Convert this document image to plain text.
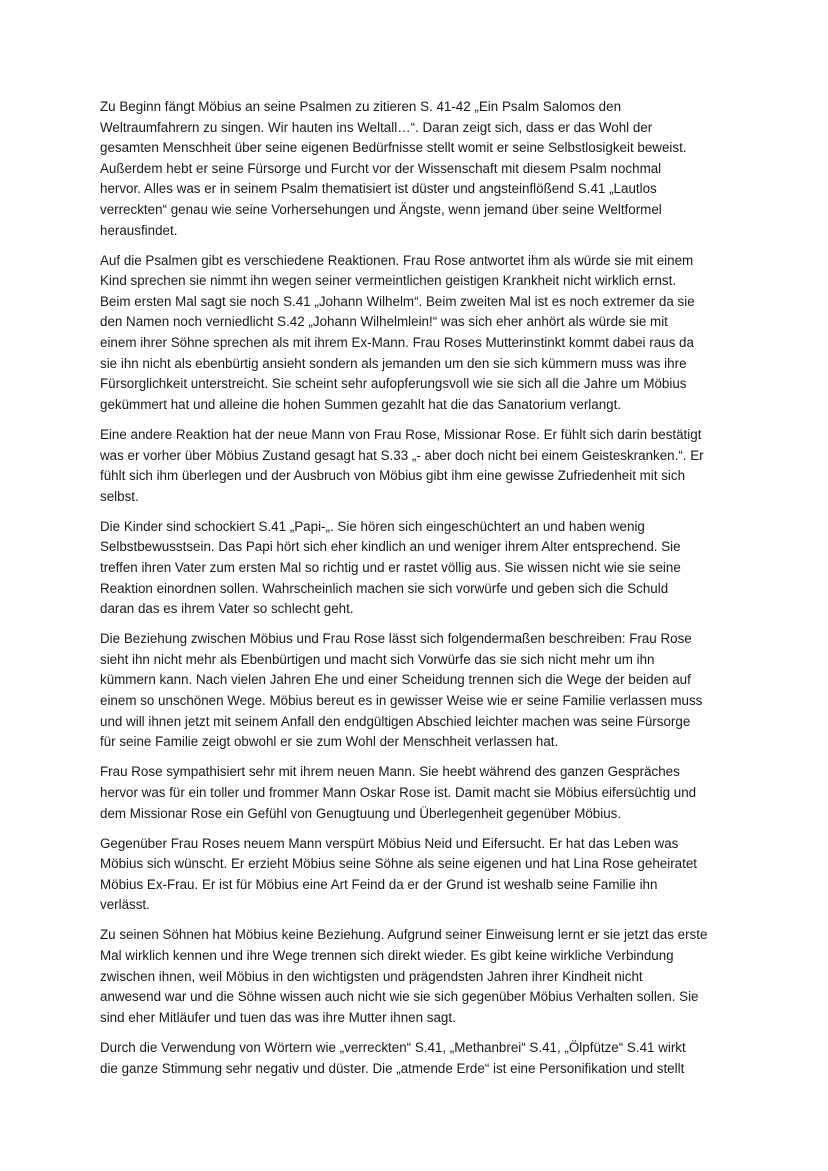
Zu Beginn fängt Möbius an seine Psalmen zu zitieren S. 41-42 „Ein Psalm Salomos den
Weltraumfahrern zu singen. Wir hauten ins Weltall…“. Daran zeigt sich, dass er das Wohl der
gesamten Menschheit über seine eigenen Bedürfnisse stellt womit er seine Selbstlosigkeit beweist.
Außerdem hebt er seine Fürsorge und Furcht vor der Wissenschaft mit diesem Psalm nochmal
hervor. Alles was er in seinem Psalm thematisiert ist düster und angsteinflößend S.41 „Lautlos
verreckten“ genau wie seine Vorhersehungen und Ängste, wenn jemand über seine Weltformel
herausfindet.

Auf die Psalmen gibt es verschiedene Reaktionen. Frau Rose antwortet ihm als würde sie mit einem
Kind sprechen sie nimmt ihn wegen seiner vermeintlichen geistigen Krankheit nicht wirklich ernst.
Beim ersten Mal sagt sie noch S.41 „Johann Wilhelm“. Beim zweiten Mal ist es noch extremer da sie
den Namen noch verniedlicht S.42 „Johann Wilhelmlein!“ was sich eher anhört als würde sie mit
einem ihrer Söhne sprechen als mit ihrem Ex-Mann. Frau Roses Mutterinstinkt kommt dabei raus da
sie ihn nicht als ebenbürtig ansieht sondern als jemanden um den sie sich kümmern muss was ihre
Fürsorglichkeit unterstreicht. Sie scheint sehr aufopferungsvoll wie sie sich all die Jahre um Möbius
gekümmert hat und alleine die hohen Summen gezahlt hat die das Sanatorium verlangt.

Eine andere Reaktion hat der neue Mann von Frau Rose, Missionar Rose. Er fühlt sich darin bestätigt
was er vorher über Möbius Zustand gesagt hat S.33 „- aber doch nicht bei einem Geisteskranken.“. Er
fühlt sich ihm überlegen und der Ausbruch von Möbius gibt ihm eine gewisse Zufriedenheit mit sich
selbst.

Die Kinder sind schockiert S.41 „Papi-„. Sie hören sich eingeschüchtert an und haben wenig
Selbstbewusstsein. Das Papi hört sich eher kindlich an und weniger ihrem Alter entsprechend. Sie
treffen ihren Vater zum ersten Mal so richtig und er rastet völlig aus. Sie wissen nicht wie sie seine
Reaktion einordnen sollen. Wahrscheinlich machen sie sich vorwürfe und geben sich die Schuld
daran das es ihrem Vater so schlecht geht.

Die Beziehung zwischen Möbius und Frau Rose lässt sich folgendermaßen beschreiben: Frau Rose
sieht ihn nicht mehr als Ebenbürtigen und macht sich Vorwürfe das sie sich nicht mehr um ihn
kümmern kann. Nach vielen Jahren Ehe und einer Scheidung trennen sich die Wege der beiden auf
einem so unschönen Wege. Möbius bereut es in gewisser Weise wie er seine Familie verlassen muss
und will ihnen jetzt mit seinem Anfall den endgültigen Abschied leichter machen was seine Fürsorge
für seine Familie zeigt obwohl er sie zum Wohl der Menschheit verlassen hat.

Frau Rose sympathisiert sehr mit ihrem neuen Mann. Sie heebt während des ganzen Gespräches
hervor was für ein toller und frommer Mann Oskar Rose ist. Damit macht sie Möbius eifersüchtig und
dem Missionar Rose ein Gefühl von Genugtuung und Überlegenheit gegenüber Möbius.

Gegenüber Frau Roses neuem Mann verspürt Möbius Neid und Eifersucht. Er hat das Leben was
Möbius sich wünscht. Er erzieht Möbius seine Söhne als seine eigenen und hat Lina Rose geheiratet
Möbius Ex-Frau. Er ist für Möbius eine Art Feind da er der Grund ist weshalb seine Familie ihn
verlässt.

Zu seinen Söhnen hat Möbius keine Beziehung. Aufgrund seiner Einweisung lernt er sie jetzt das erste
Mal wirklich kennen und ihre Wege trennen sich direkt wieder. Es gibt keine wirkliche Verbindung
zwischen ihnen, weil Möbius in den wichtigsten und prägendsten Jahren ihrer Kindheit nicht
anwesend war und die Söhne wissen auch nicht wie sie sich gegenüber Möbius Verhalten sollen. Sie
sind eher Mitläufer und tuen das was ihre Mutter ihnen sagt.

Durch die Verwendung von Wörtern wie „verreckten“ S.41, „Methanbrei“ S.41, „Ölpfütze“ S.41 wirkt
die ganze Stimmung sehr negativ und düster. Die „atmende Erde“ ist eine Personifikation und stellt
